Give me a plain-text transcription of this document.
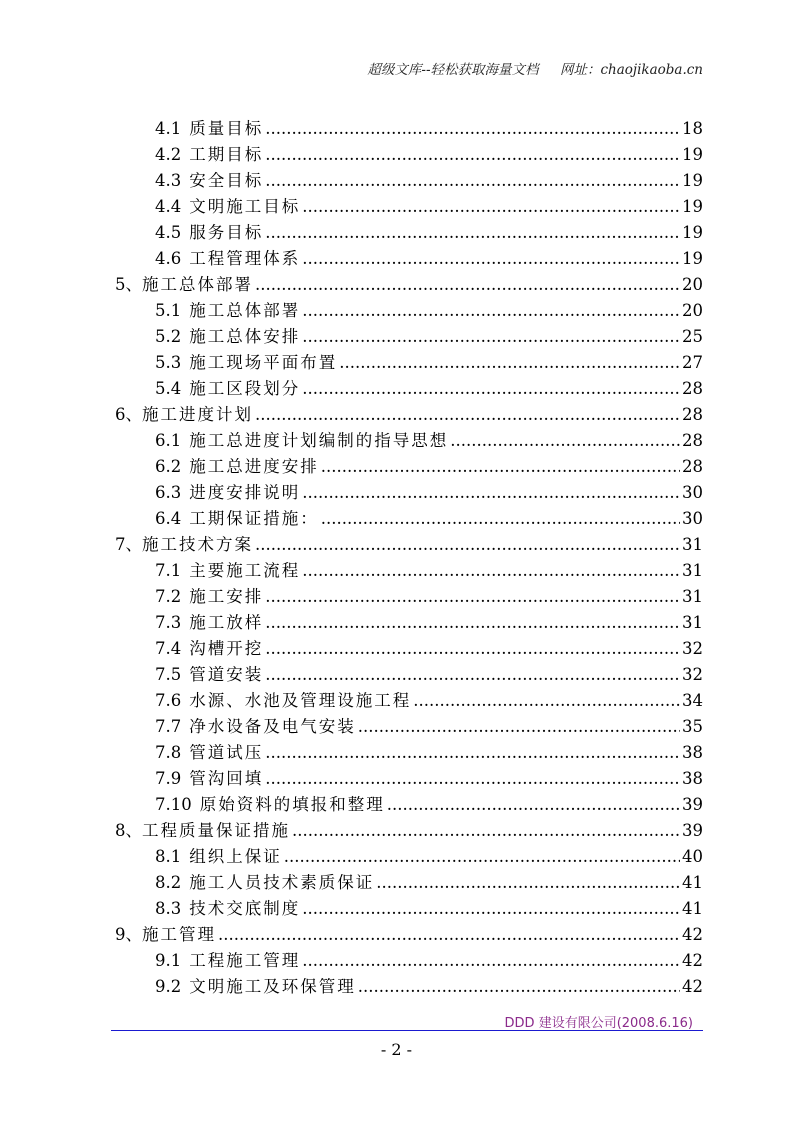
超级文库--轻松获取海量文档     网址：chaojikaoba.cn
4.1 质量目标 .....	18
4.2 工期目标 .....	19
4.3 安全目标 .....	19
4.4 文明施工目标 .....	19
4.5 服务目标 .....	19
4.6 工程管理体系 .....	19
5、 施工总体部署 .....	20
5.1 施工总体部署 .....	20
5.2 施工总体安排 .....	25
5.3 施工现场平面布置 .....	27
5.4 施工区段划分 .....	28
6、 施工进度计划 .....	28
6.1 施工总进度计划编制的指导思想 .....	28
6.2 施工总进度安排 .....	28
6.3 进度安排说明 .....	30
6.4 工期保证措施： .....	30
7、 施工技术方案 .....	31
7.1 主要施工流程 .....	31
7.2 施工安排 .....	31
7.3 施工放样 .....	31
7.4 沟槽开挖 .....	32
7.5 管道安装 .....	32
7.6 水源、水池及管理设施工程 .....	34
7.7 净水设备及电气安装 .....	35
7.8 管道试压 .....	38
7.9 管沟回填 .....	38
7.10 原始资料的填报和整理 .....	39
8、 工程质量保证措施 .....	39
8.1 组织上保证 .....	40
8.2 施工人员技术素质保证 .....	41
8.3 技术交底制度 .....	41
9、 施工管理 .....	42
9.1 工程施工管理 .....	42
9.2 文明施工及环保管理 .....	42
DDD 建设有限公司(2008.6.16)
- 2 -
